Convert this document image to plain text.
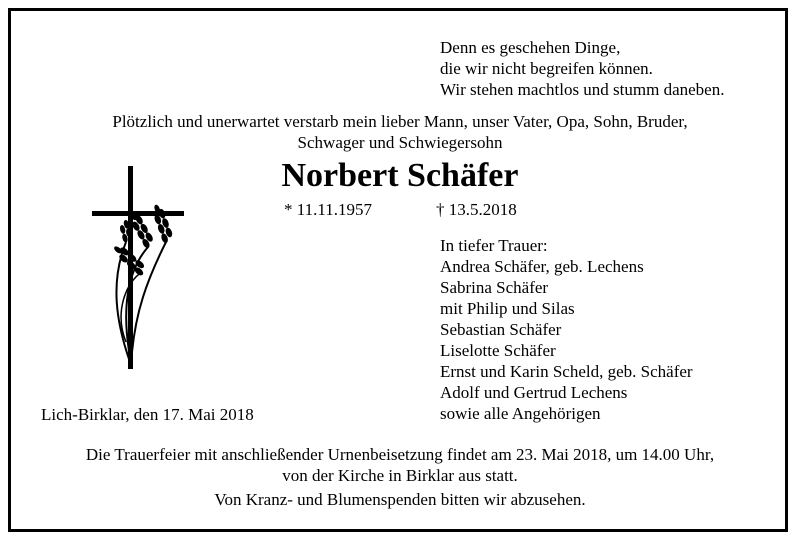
Denn es geschehen Dinge,
die wir nicht begreifen können.
Wir stehen machtlos und stumm daneben.
Plötzlich und unerwartet verstarb mein lieber Mann, unser Vater, Opa, Sohn, Bruder,
Schwager und Schwiegersohn
Norbert Schäfer
* 11.11.1957	† 13.5.2018
In tiefer Trauer:
Andrea Schäfer, geb. Lechens
Sabrina Schäfer
mit Philip und Silas
Sebastian Schäfer
Liselotte Schäfer
Ernst und Karin Scheld, geb. Schäfer
Adolf und Gertrud Lechens
sowie alle Angehörigen
Lich-Birklar, den 17. Mai 2018
Die Trauerfeier mit anschließender Urnenbeisetzung findet am 23. Mai 2018, um 14.00 Uhr,
von der Kirche in Birklar aus statt.
Von Kranz- und Blumenspenden bitten wir abzusehen.
